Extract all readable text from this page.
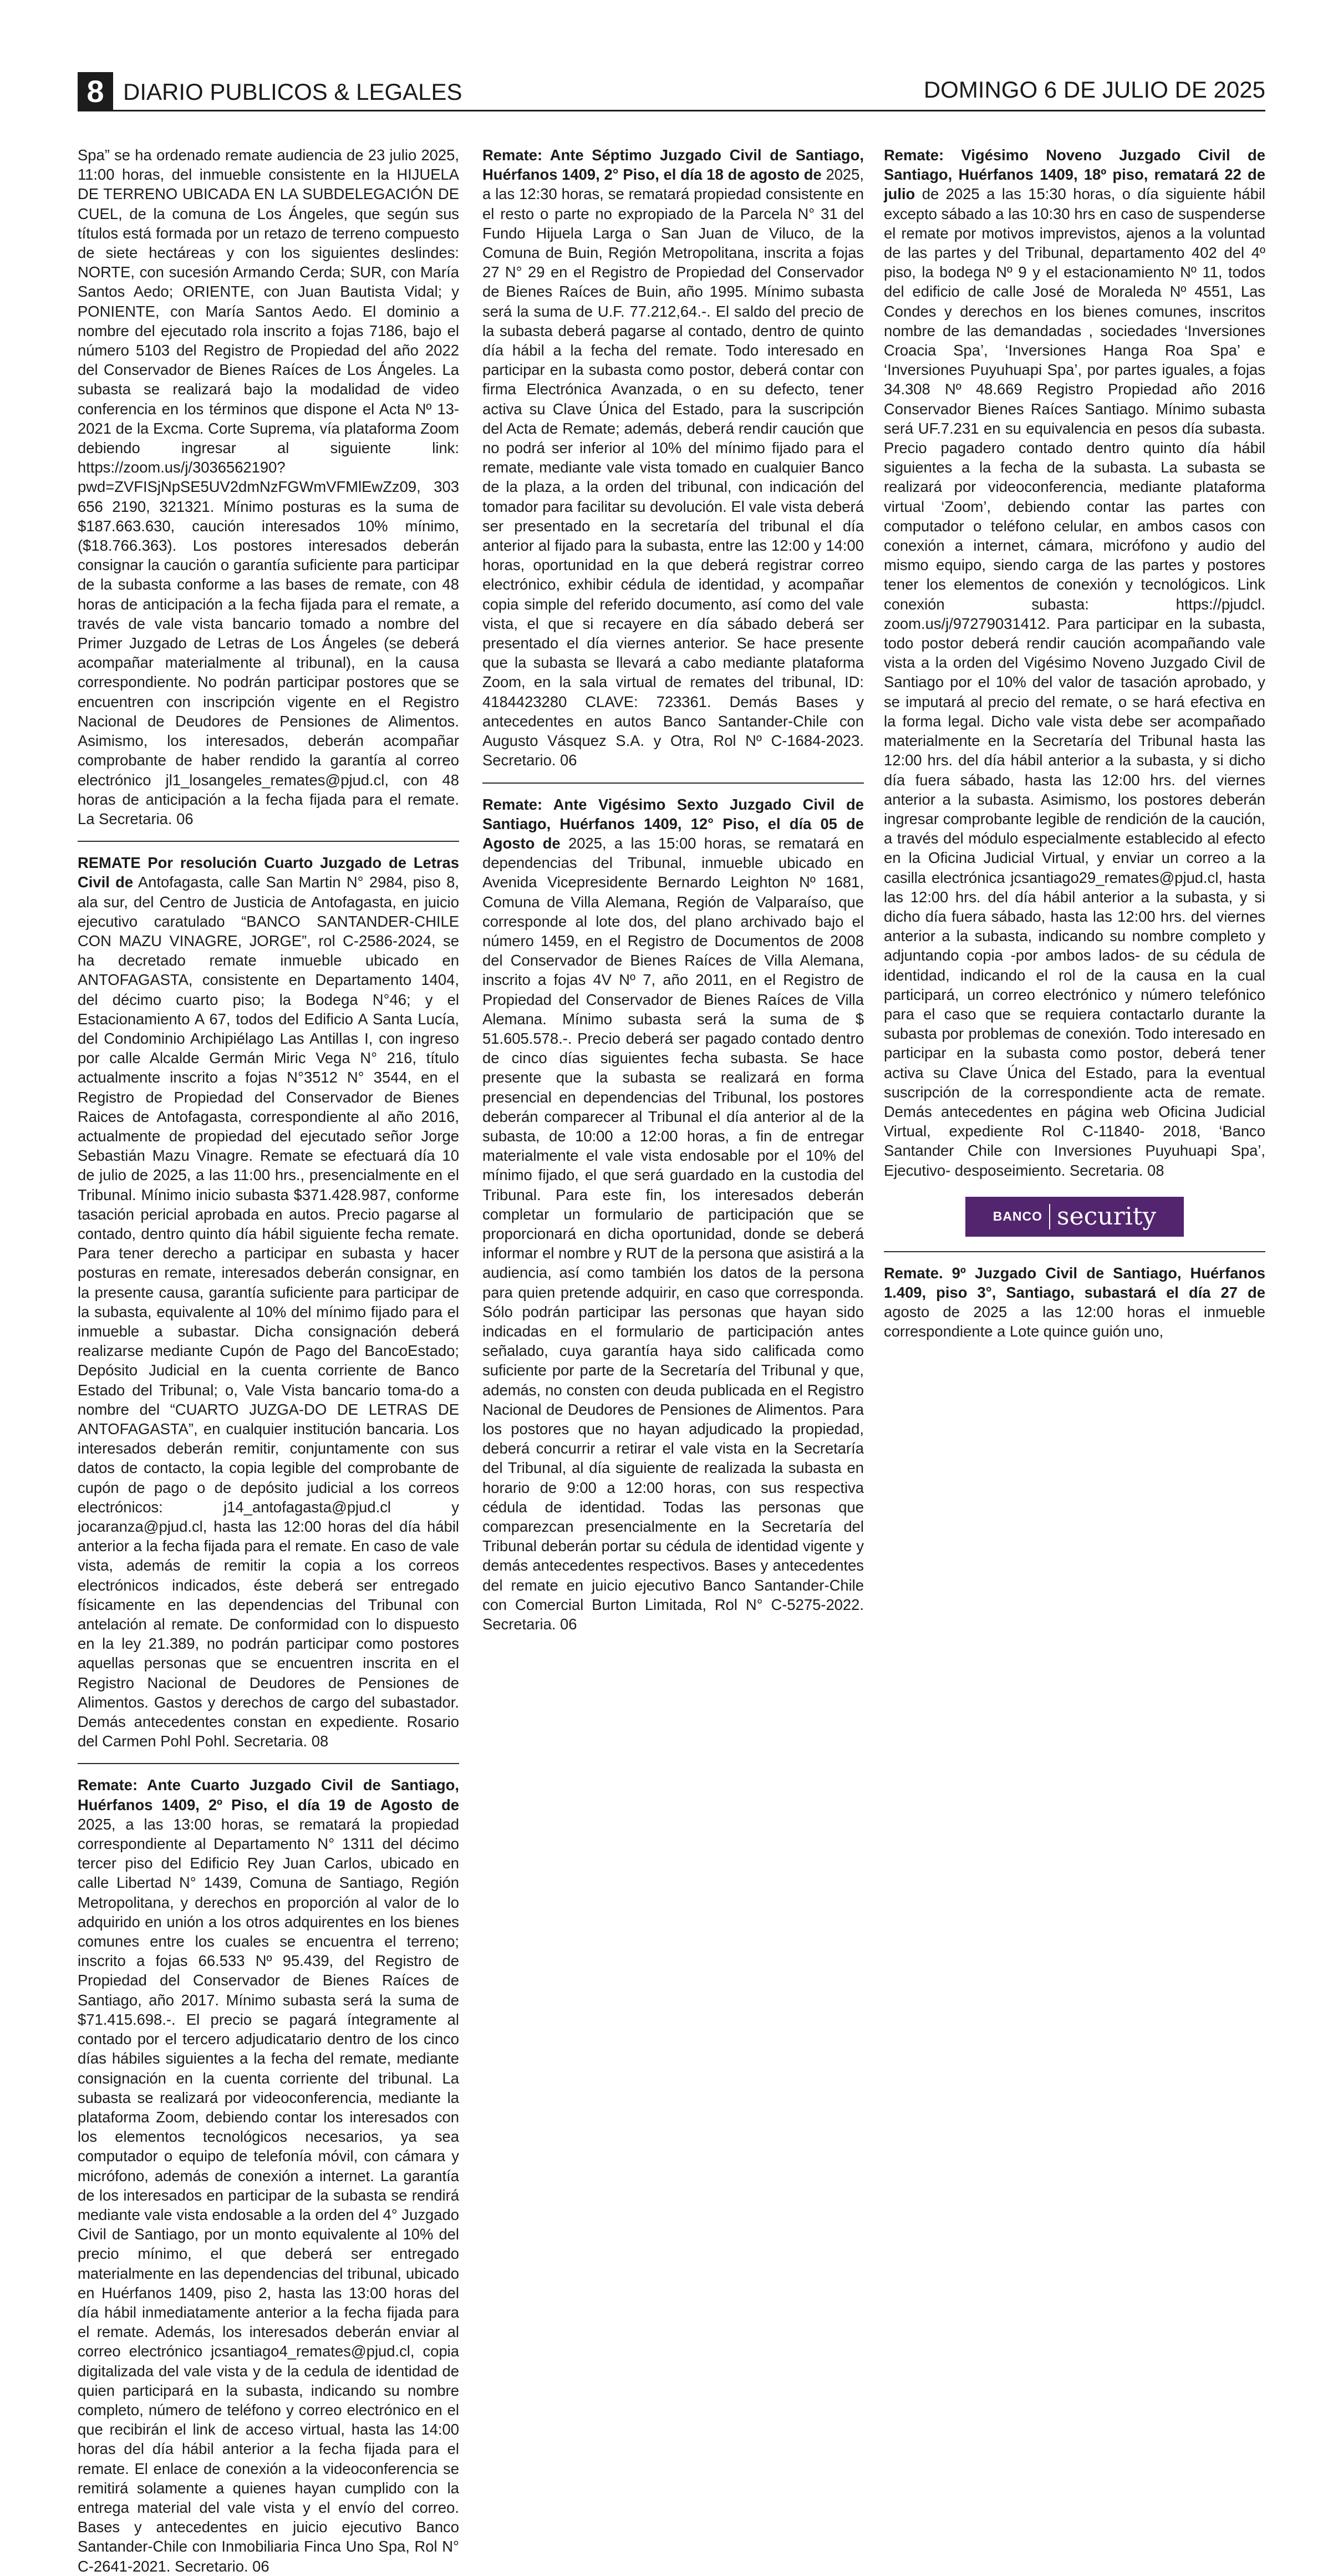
8 DIARIO PUBLICOS & LEGALES	DOMINGO 6 DE JULIO DE 2025

Spa” se ha ordenado remate audiencia de 23 julio 2025, 11:00 horas, del inmueble consistente en la HIJUELA DE TERRENO UBICADA EN LA SUBDELEGACIÓN DE CUEL, de la comuna de Los Ángeles, que según sus títulos está formada por un retazo de terreno compuesto de siete hectáreas y con los siguientes deslindes: NORTE, con sucesión Armando Cerda; SUR, con María Santos Aedo; ORIENTE, con Juan Bautista Vidal; y PONIENTE, con María Santos Aedo. El dominio a nombre del ejecutado rola inscrito a fojas 7186, bajo el número 5103 del Registro de Propiedad del año 2022 del Conservador de Bienes Raíces de Los Ángeles. La subasta se realizará bajo la modalidad de video conferencia en los términos que dispone el Acta Nº 13-2021 de la Excma. Corte Suprema, vía plataforma Zoom debiendo ingresar al siguiente link: https://zoom.us/j/3036562190?pwd=ZVFISjNpSE5UV2dmNzFGWmVFMlEwZz09, 303 656 2190, 321321. Mínimo posturas es la suma de $187.663.630, caución interesados 10% mínimo, ($18.766.363). Los postores interesados deberán consignar la caución o garantía suficiente para participar de la subasta conforme a las bases de remate, con 48 horas de anticipación a la fecha fijada para el remate, a través de vale vista bancario tomado a nombre del Primer Juzgado de Letras de Los Ángeles (se deberá acompañar materialmente al tribunal), en la causa correspondiente. No podrán participar postores que se encuentren con inscripción vigente en el Registro Nacional de Deudores de Pensiones de Alimentos. Asimismo, los interesados, deberán acompañar comprobante de haber rendido la garantía al correo electrónico jl1_losangeles_remates@pjud.cl, con 48 horas de anticipación a la fecha fijada para el remate. La Secretaria. 06

REMATE Por resolución Cuarto Juzgado de Letras Civil de Antofagasta, calle San Martin N° 2984, piso 8, ala sur, del Centro de Justicia de Antofagasta, en juicio ejecutivo caratulado “BANCO SANTANDER-CHILE CON MAZU VINAGRE, JORGE”, rol C-2586-2024, se ha decretado remate inmueble ubicado en ANTOFAGASTA, consistente en Departamento 1404, del décimo cuarto piso; la Bodega N°46; y el Estacionamiento A 67, todos del Edificio A Santa Lucía, del Condominio Archipiélago Las Antillas I, con ingreso por calle Alcalde Germán Miric Vega N° 216, título actualmente inscrito a fojas N°3512 N° 3544, en el Registro de Propiedad del Conservador de Bienes Raices de Antofagasta, correspondiente al año 2016, actualmente de propiedad del ejecutado señor Jorge Sebastián Mazu Vinagre. Remate se efectuará día 10 de julio de 2025, a las 11:00 hrs., presencialmente en el Tribunal. Mínimo inicio subasta $371.428.987, conforme tasación pericial aprobada en autos. Precio pagarse al contado, dentro quinto día hábil siguiente fecha remate. Para tener derecho a participar en subasta y hacer posturas en remate, interesados deberán consignar, en la presente causa, garantía suficiente para participar de la subasta, equivalente al 10% del mínimo fijado para el inmueble a subastar. Dicha consignación deberá realizarse mediante Cupón de Pago del BancoEstado; Depósito Judicial en la cuenta corriente de Banco Estado del Tribunal; o, Vale Vista bancario toma-do a nombre del “CUARTO JUZGA-DO DE LETRAS DE ANTOFAGASTA”, en cualquier institución bancaria. Los interesados deberán remitir, conjuntamente con sus datos de contacto, la copia legible del comprobante de cupón de pago o de depósito judicial a los correos electrónicos: j14_antofagasta@pjud.cl y jocaranza@pjud.cl, hasta las 12:00 horas del día hábil anterior a la fecha fijada para el remate. En caso de vale vista, además de remitir la copia a los correos electrónicos indicados, éste deberá ser entregado físicamente en las dependencias del Tribunal con antelación al remate. De conformidad con lo dispuesto en la ley 21.389, no podrán participar como postores aquellas personas que se encuentren inscrita en el Registro Nacional de Deudores de Pensiones de Alimentos. Gastos y derechos de cargo del subastador. Demás antecedentes constan en expediente. Rosario del Carmen Pohl Pohl. Secretaria. 08

Remate: Ante Cuarto Juzgado Civil de Santiago, Huérfanos 1409, 2º Piso, el día 19 de Agosto de 2025, a las 13:00 horas, se rematará la propiedad correspondiente al Departamento N° 1311 del décimo tercer piso del Edificio Rey Juan Carlos, ubicado en calle Libertad N° 1439, Comuna de Santiago, Región Metropolitana, y derechos en proporción al valor de lo adquirido en unión a los otros adquirentes en los bienes comunes entre los cuales se encuentra el terreno; inscrito a fojas 66.533 Nº 95.439, del Registro de Propiedad del Conservador de Bienes Raíces de Santiago, año 2017. Mínimo subasta será la suma de $71.415.698.-. El precio se pagará íntegramente al contado por el tercero adjudicatario dentro de los cinco días hábiles siguientes a la fecha del remate, mediante consignación en la cuenta corriente del tribunal. La subasta se realizará por videoconferencia, mediante la plataforma Zoom, debiendo contar los interesados con los elementos tecnológicos necesarios, ya sea computador o equipo de telefonía móvil, con cámara y micrófono, además de conexión a internet. La garantía de los interesados en participar de la subasta se rendirá mediante vale vista endosable a la orden del 4° Juzgado Civil de Santiago, por un monto equivalente al 10% del precio mínimo, el que deberá ser entregado materialmente en las dependencias del tribunal, ubicado en Huérfanos 1409, piso 2, hasta las 13:00 horas del día hábil inmediatamente anterior a la fecha fijada para el remate. Además, los interesados deberán enviar al correo electrónico jcsantiago4_remates@pjud.cl, copia digitalizada del vale vista y de la cedula de identidad de quien participará en la subasta, indicando su nombre completo, número de teléfono y correo electrónico en el que recibirán el link de acceso virtual, hasta las 14:00 horas del día hábil anterior a la fecha fijada para el remate. El enlace de conexión a la videoconferencia se remitirá solamente a quienes hayan cumplido con la entrega material del vale vista y el envío del correo. Bases y antecedentes en juicio ejecutivo Banco Santander-Chile con Inmobiliaria Finca Uno Spa, Rol N° C-2641-2021. Secretario. 06

Remate: Ante Séptimo Juzgado Civil de Santiago, Huérfanos 1409, 2° Piso, el día 18 de agosto de 2025, a las 12:30 horas, se rematará propiedad consistente en el resto o parte no expropiado de la Parcela N° 31 del Fundo Hijuela Larga o San Juan de Viluco, de la Comuna de Buin, Región Metropolitana, inscrita a fojas 27 N° 29 en el Registro de Propiedad del Conservador de Bienes Raíces de Buin, año 1995. Mínimo subasta será la suma de U.F. 77.212,64.-. El saldo del precio de la subasta deberá pagarse al contado, dentro de quinto día hábil a la fecha del remate. Todo interesado en participar en la subasta como postor, deberá contar con firma Electrónica Avanzada, o en su defecto, tener activa su Clave Única del Estado, para la suscripción del Acta de Remate; además, deberá rendir caución que no podrá ser inferior al 10% del mínimo fijado para el remate, mediante vale vista tomado en cualquier Banco de la plaza, a la orden del tribunal, con indicación del tomador para facilitar su devolución. El vale vista deberá ser presentado en la secretaría del tribunal el día anterior al fijado para la subasta, entre las 12:00 y 14:00 horas, oportunidad en la que deberá registrar correo electrónico, exhibir cédula de identidad, y acompañar copia simple del referido documento, así como del vale vista, el que si recayere en día sábado deberá ser presentado el día viernes anterior. Se hace presente que la subasta se llevará a cabo mediante plataforma Zoom, en la sala virtual de remates del tribunal, ID: 4184423280 CLAVE: 723361. Demás Bases y antecedentes en autos Banco Santander-Chile con Augusto Vásquez S.A. y Otra, Rol Nº C-1684-2023. Secretario. 06

Remate: Ante Vigésimo Sexto Juzgado Civil de Santiago, Huérfanos 1409, 12° Piso, el día 05 de Agosto de 2025, a las 15:00 horas, se rematará en dependencias del Tribunal, inmueble ubicado en Avenida Vicepresidente Bernardo Leighton Nº 1681, Comuna de Villa Alemana, Región de Valparaíso, que corresponde al lote dos, del plano archivado bajo el número 1459, en el Registro de Documentos de 2008 del Conservador de Bienes Raíces de Villa Alemana, inscrito a fojas 4V Nº 7, año 2011, en el Registro de Propiedad del Conservador de Bienes Raíces de Villa Alemana. Mínimo subasta será la suma de $ 51.605.578.-. Precio deberá ser pagado contado dentro de cinco días siguientes fecha subasta. Se hace presente que la subasta se realizará en forma presencial en dependencias del Tribunal, los postores deberán comparecer al Tribunal el día anterior al de la subasta, de 10:00 a 12:00 horas, a fin de entregar materialmente el vale vista endosable por el 10% del mínimo fijado, el que será guardado en la custodia del Tribunal. Para este fin, los interesados deberán completar un formulario de participación que se proporcionará en dicha oportunidad, donde se deberá informar el nombre y RUT de la persona que asistirá a la audiencia, así como también los datos de la persona para quien pretende adquirir, en caso que corresponda. Sólo podrán participar las personas que hayan sido indicadas en el formulario de participación antes señalado, cuya garantía haya sido calificada como suficiente por parte de la Secretaría del Tribunal y que, además, no consten con deuda publicada en el Registro Nacional de Deudores de Pensiones de Alimentos. Para los postores que no hayan adjudicado la propiedad, deberá concurrir a retirar el vale vista en la Secretaría del Tribunal, al día siguiente de realizada la subasta en horario de 9:00 a 12:00 horas, con sus respectiva cédula de identidad. Todas las personas que comparezcan presencialmente en la Secretaría del Tribunal deberán portar su cédula de identidad vigente y demás antecedentes respectivos. Bases y antecedentes del remate en juicio ejecutivo Banco Santander-Chile con Comercial Burton Limitada, Rol N° C-5275-2022. Secretaria. 06

Remate: Vigésimo Noveno Juzgado Civil de Santiago, Huérfanos 1409, 18º piso, rematará 22 de julio de 2025 a las 15:30 horas, o día siguiente hábil excepto sábado a las 10:30 hrs en caso de suspenderse el remate por motivos imprevistos, ajenos a la voluntad de las partes y del Tribunal, departamento 402 del 4º piso, la bodega Nº 9 y el estacionamiento Nº 11, todos del edificio de calle José de Moraleda Nº 4551, Las Condes y derechos en los bienes comunes, inscritos nombre de las demandadas , sociedades ‘Inversiones Croacia Spa’, ‘Inversiones Hanga Roa Spa’ e ‘Inversiones Puyuhuapi Spa’, por partes iguales, a fojas 34.308 Nº 48.669 Registro Propiedad año 2016 Conservador Bienes Raíces Santiago. Mínimo subasta será UF.7.231 en su equivalencia en pesos día subasta. Precio pagadero contado dentro quinto día hábil siguientes a la fecha de la subasta. La subasta se realizará por videoconferencia, mediante plataforma virtual ‘Zoom’, debiendo contar las partes con computador o teléfono celular, en ambos casos con conexión a internet, cámara, micrófono y audio del mismo equipo, siendo carga de las partes y postores tener los elementos de conexión y tecnológicos. Link conexión subasta: https://pjudcl. zoom.us/j/97279031412. Para participar en la subasta, todo postor deberá rendir caución acompañando vale vista a la orden del Vigésimo Noveno Juzgado Civil de Santiago por el 10% del valor de tasación aprobado, y se imputará al precio del remate, o se hará efectiva en la forma legal. Dicho vale vista debe ser acompañado materialmente en la Secretaría del Tribunal hasta las 12:00 hrs. del día hábil anterior a la subasta, y si dicho día fuera sábado, hasta las 12:00 hrs. del viernes anterior a la subasta. Asimismo, los postores deberán ingresar comprobante legible de rendición de la caución, a través del módulo especialmente establecido al efecto en la Oficina Judicial Virtual, y enviar un correo a la casilla electrónica jcsantiago29_remates@pjud.cl, hasta las 12:00 hrs. del día hábil anterior a la subasta, y si dicho día fuera sábado, hasta las 12:00 hrs. del viernes anterior a la subasta, indicando su nombre completo y adjuntando copia -por ambos lados- de su cédula de identidad, indicando el rol de la causa en la cual participará, un correo electrónico y número telefónico para el caso que se requiera contactarlo durante la subasta por problemas de conexión. Todo interesado en participar en la subasta como postor, deberá tener activa su Clave Única del Estado, para la eventual suscripción de la correspondiente acta de remate. Demás antecedentes en página web Oficina Judicial Virtual, expediente Rol C-11840- 2018, ‘Banco Santander Chile con Inversiones Puyuhuapi Spa’, Ejecutivo- desposeimiento. Secretaria. 08

BANCO security

Remate. 9º Juzgado Civil de Santiago, Huérfanos 1.409, piso 3°, Santiago, subastará el día 27 de agosto de 2025 a las 12:00 horas el inmueble correspondiente a Lote quince guión uno,
